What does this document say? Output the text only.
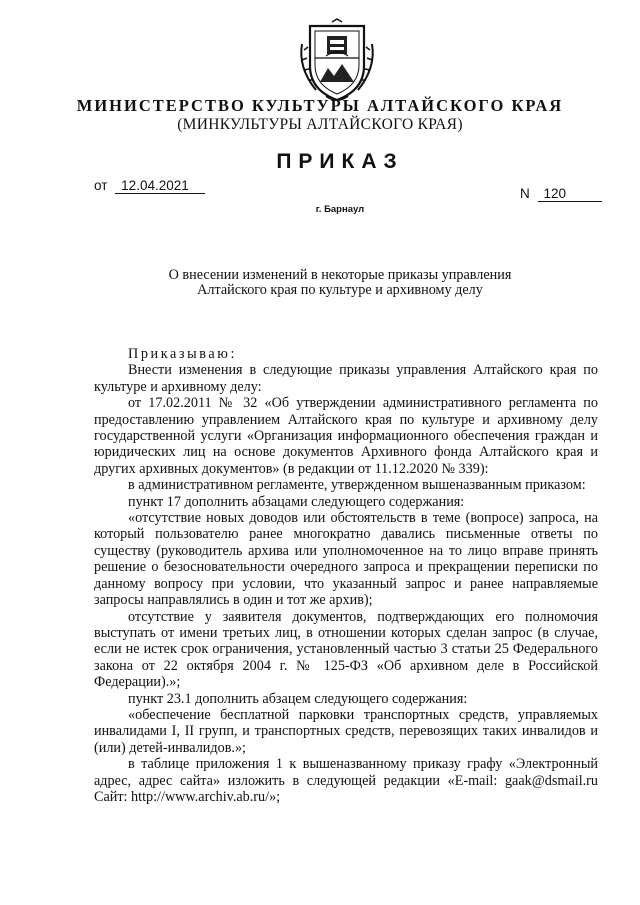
МИНИСТЕРСТВО КУЛЬТУРЫ АЛТАЙСКОГО КРАЯ
(МИНКУЛЬТУРЫ АЛТАЙСКОГО КРАЯ)
ПРИКАЗ
от 12.04.2021
N 120
г. Барнаул
О внесении изменений в некоторые приказы управления
Алтайского края по культуре и архивному делу

Приказываю:

Внести изменения в следующие приказы управления Алтайского края по культуре и архивному делу:

от 17.02.2011 № 32 «Об утверждении административного регламента по предоставлению управлением Алтайского края по культуре и архивному делу государственной услуги «Организация информационного обеспечения граждан и юридических лиц на основе документов Архивного фонда Алтайского края и других архивных документов» (в редакции от 11.12.2020 № 339):

в административном регламенте, утвержденном вышеназванным приказом:

пункт 17 дополнить абзацами следующего содержания:

«отсутствие новых доводов или обстоятельств в теме (вопросе) запроса, на который пользователю ранее многократно давались письменные ответы по существу (руководитель архива или уполномоченное на то лицо вправе принять решение о безосновательности очередного запроса и прекращении переписки по данному вопросу при условии, что указанный запрос и ранее направляемые запросы направлялись в один и тот же архив);

отсутствие у заявителя документов, подтверждающих его полномочия выступать от имени третьих лиц, в отношении которых сделан запрос (в случае, если не истек срок ограничения, установленный частью 3 статьи 25 Федерального закона от 22 октября 2004 г. № 125-ФЗ «Об архивном деле в Российской Федерации).»;

пункт 23.1 дополнить абзацем следующего содержания:

«обеспечение бесплатной парковки транспортных средств, управляемых инвалидами I, II групп, и транспортных средств, перевозящих таких инвалидов и (или) детей-инвалидов.»;

в таблице приложения 1 к вышеназванному приказу графу «Электронный адрес, адрес сайта» изложить в следующей редакции «E-mail: gaak@dsmail.ru Сайт: http://www.archiv.ab.ru/»;
